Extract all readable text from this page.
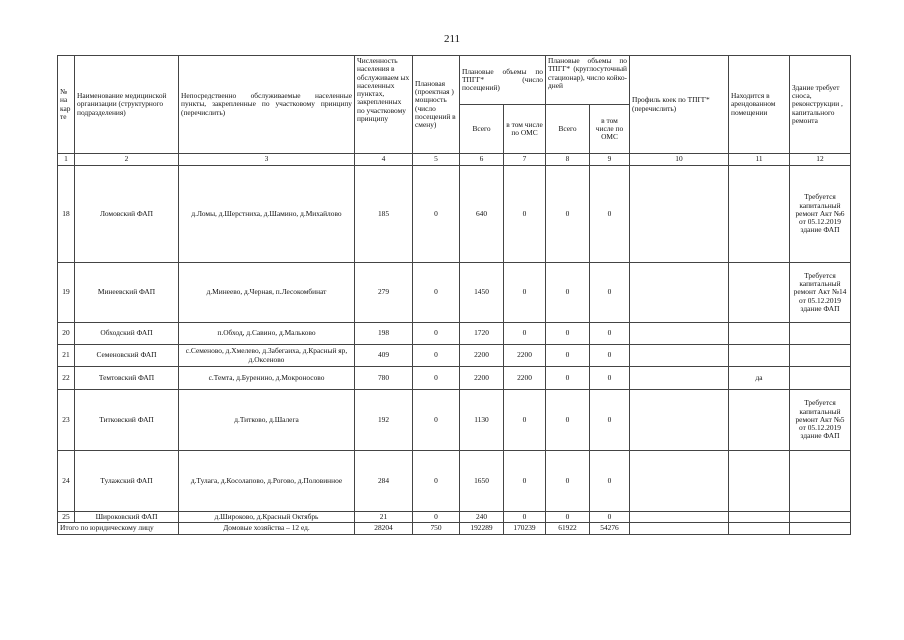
211
№ на кар те	Наименование медицинской организации (структурного подразделения)	Непосредственно обслуживаемые населенные пункты, закрепленные по участковому принципу (перечислить)	Численность населения в обслуживаем ых населенных пунктах, закрепленных по участковому принципу	Плановая (проектная ) мощность (число посещений в смену)	Плановые объемы по ТПГГ* (число посещений)		Плановые объемы по ТПГГ* (круглосуточный стационар), число койко-дней		Профиль коек по ТПГГ* (перечислить)	Находится в арендованном помещении	Здание требует сноса, реконструкции , капитального ремонта
					Всего	в том числе по ОМС	Всего	в том числе по ОМС			
1	2	3	4	5	6	7	8	9	10	11	12
18	Ломовский ФАП	д.Ломы, д.Шерстниха, д.Шамино, д.Михайлово	185	0	640	0	0	0			Требуется капитальный ремонт Акт №6 от 05.12.2019 здание ФАП
19	Минеевский ФАП	д.Минеево, д.Черная, п.Лесокомбинат	279	0	1450	0	0	0			Требуется капитальный ремонт Акт №14 от 05.12.2019 здание ФАП
20	Обходский ФАП	п.Обход, д.Савино, д.Мальково	198	0	1720	0	0	0			
21	Семеновский ФАП	с.Семеново, д.Хмелево, д.Забегаиха, д.Красный яр, д.Оксеново	409	0	2200	2200	0	0			
22	Темтовский ФАП	с.Темта, д.Буренино, д.Мокроносово	780	0	2200	2200	0	0		да	
23	Титковский ФАП	д.Титково, д.Шалега	192	0	1130	0	0	0			Требуется капитальный ремонт Акт №5 от 05.12.2019 здание ФАП
24	Тулажский ФАП	д.Тулага, д.Косолапово, д.Рогово, д.Половинное	284	0	1650	0	0	0			
25	Широковский ФАП	д.Широково, д.Красный Октябрь	21	0	240	0	0	0			
Итого по юридическому лицу		Домовые хозяйства – 12 ед.	28204	750	192289	170239	61922	54276			
